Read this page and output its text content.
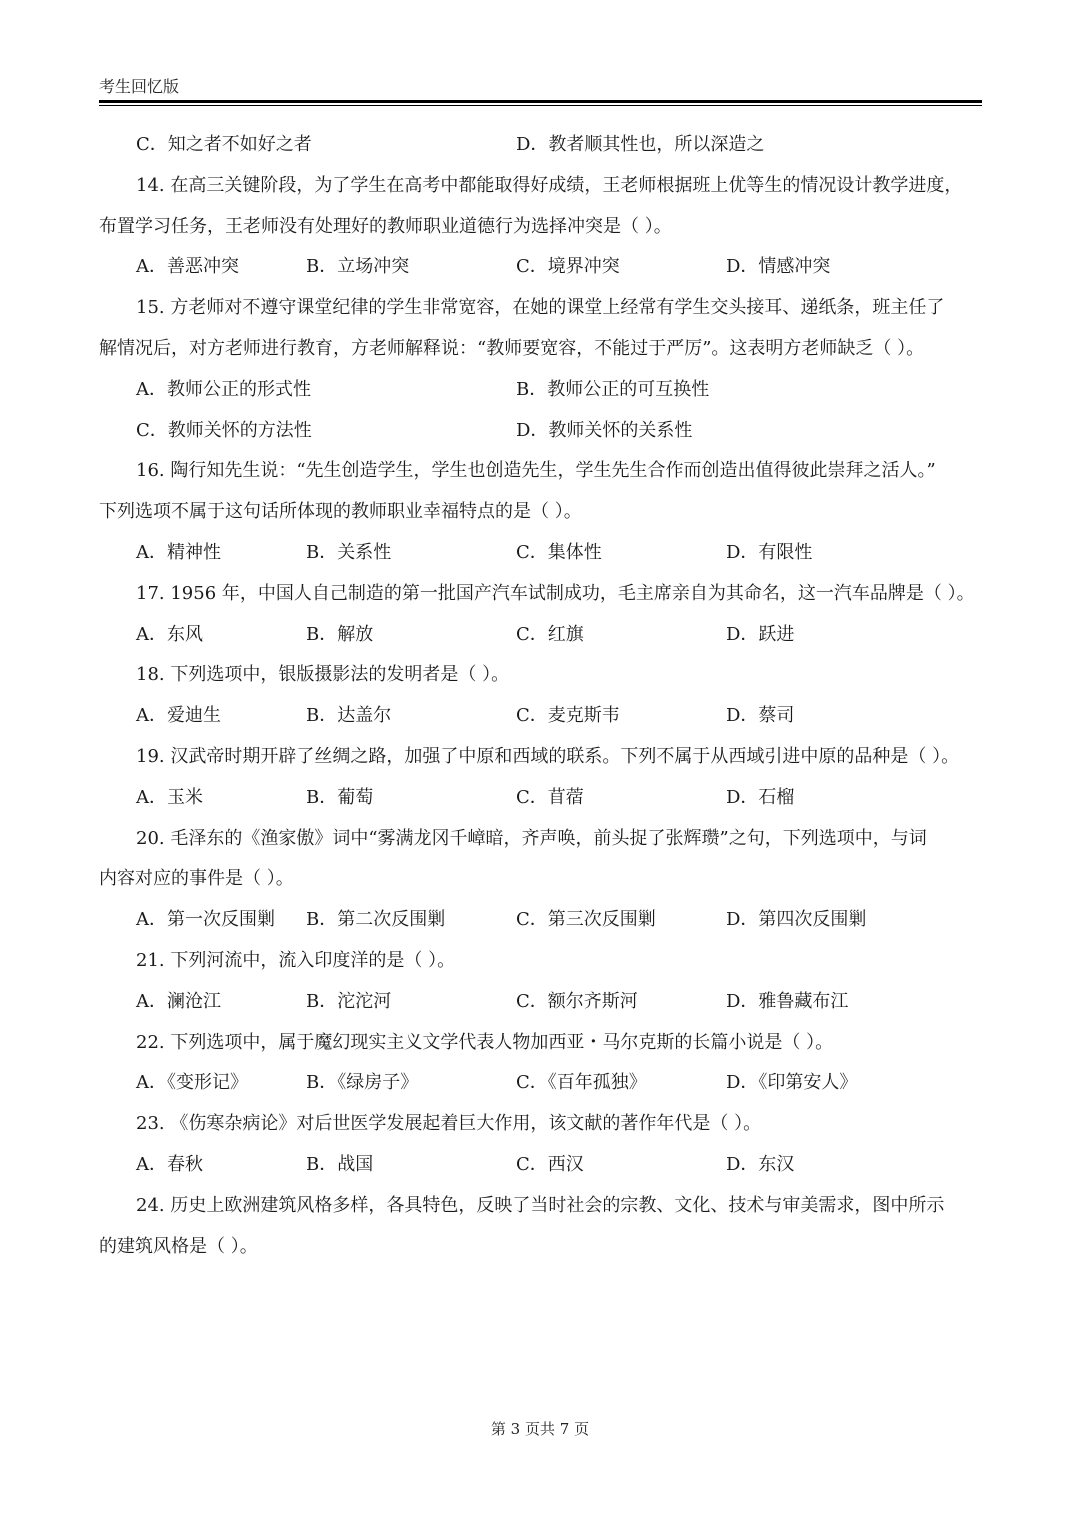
考生回忆版
C．知之者不如好之者	D．教者顺其性也，所以深造之
14. 在高三关键阶段，为了学生在高考中都能取得好成绩，王老师根据班上优等生的情况设计教学进度，
布置学习任务，王老师没有处理好的教师职业道德行为选择冲突是（ ）。
A．善恶冲突	B．立场冲突	C．境界冲突	D．情感冲突
15. 方老师对不遵守课堂纪律的学生非常宽容，在她的课堂上经常有学生交头接耳、递纸条，班主任了
解情况后，对方老师进行教育，方老师解释说：“教师要宽容，不能过于严厉”。这表明方老师缺乏（ ）。
A．教师公正的形式性	B．教师公正的可互换性
C．教师关怀的方法性	D．教师关怀的关系性
16. 陶行知先生说：“先生创造学生，学生也创造先生，学生先生合作而创造出值得彼此崇拜之活人。”
下列选项不属于这句话所体现的教师职业幸福特点的是（ ）。
A．精神性	B．关系性	C．集体性	D．有限性
17. 1956 年，中国人自己制造的第一批国产汽车试制成功，毛主席亲自为其命名，这一汽车品牌是（ ）。
A．东风	B．解放	C．红旗	D．跃进
18. 下列选项中，银版摄影法的发明者是（ ）。
A．爱迪生	B．达盖尔	C．麦克斯韦	D．蔡司
19. 汉武帝时期开辟了丝绸之路，加强了中原和西域的联系。下列不属于从西域引进中原的品种是（ ）。
A．玉米	B．葡萄	C．苜蓿	D．石榴
20. 毛泽东的《渔家傲》词中“雾满龙冈千嶂暗，齐声唤，前头捉了张辉瓒”之句，下列选项中，与词
内容对应的事件是（ ）。
A．第一次反围剿 B．第二次反围剿	C．第三次反围剿	D．第四次反围剿
21. 下列河流中，流入印度洋的是（ ）。
A．澜沧江	B．沱沱河	C．额尔齐斯河	D．雅鲁藏布江
22. 下列选项中，属于魔幻现实主义文学代表人物加西亚・马尔克斯的长篇小说是（ ）。
A．《变形记》	B．《绿房子》	C．《百年孤独》	D．《印第安人》
23. 《伤寒杂病论》对后世医学发展起着巨大作用，该文献的著作年代是（ ）。
A．春秋	B．战国	C．西汉	D．东汉
24. 历史上欧洲建筑风格多样，各具特色，反映了当时社会的宗教、文化、技术与审美需求，图中所示
的建筑风格是（ ）。
第 3 页共 7 页
